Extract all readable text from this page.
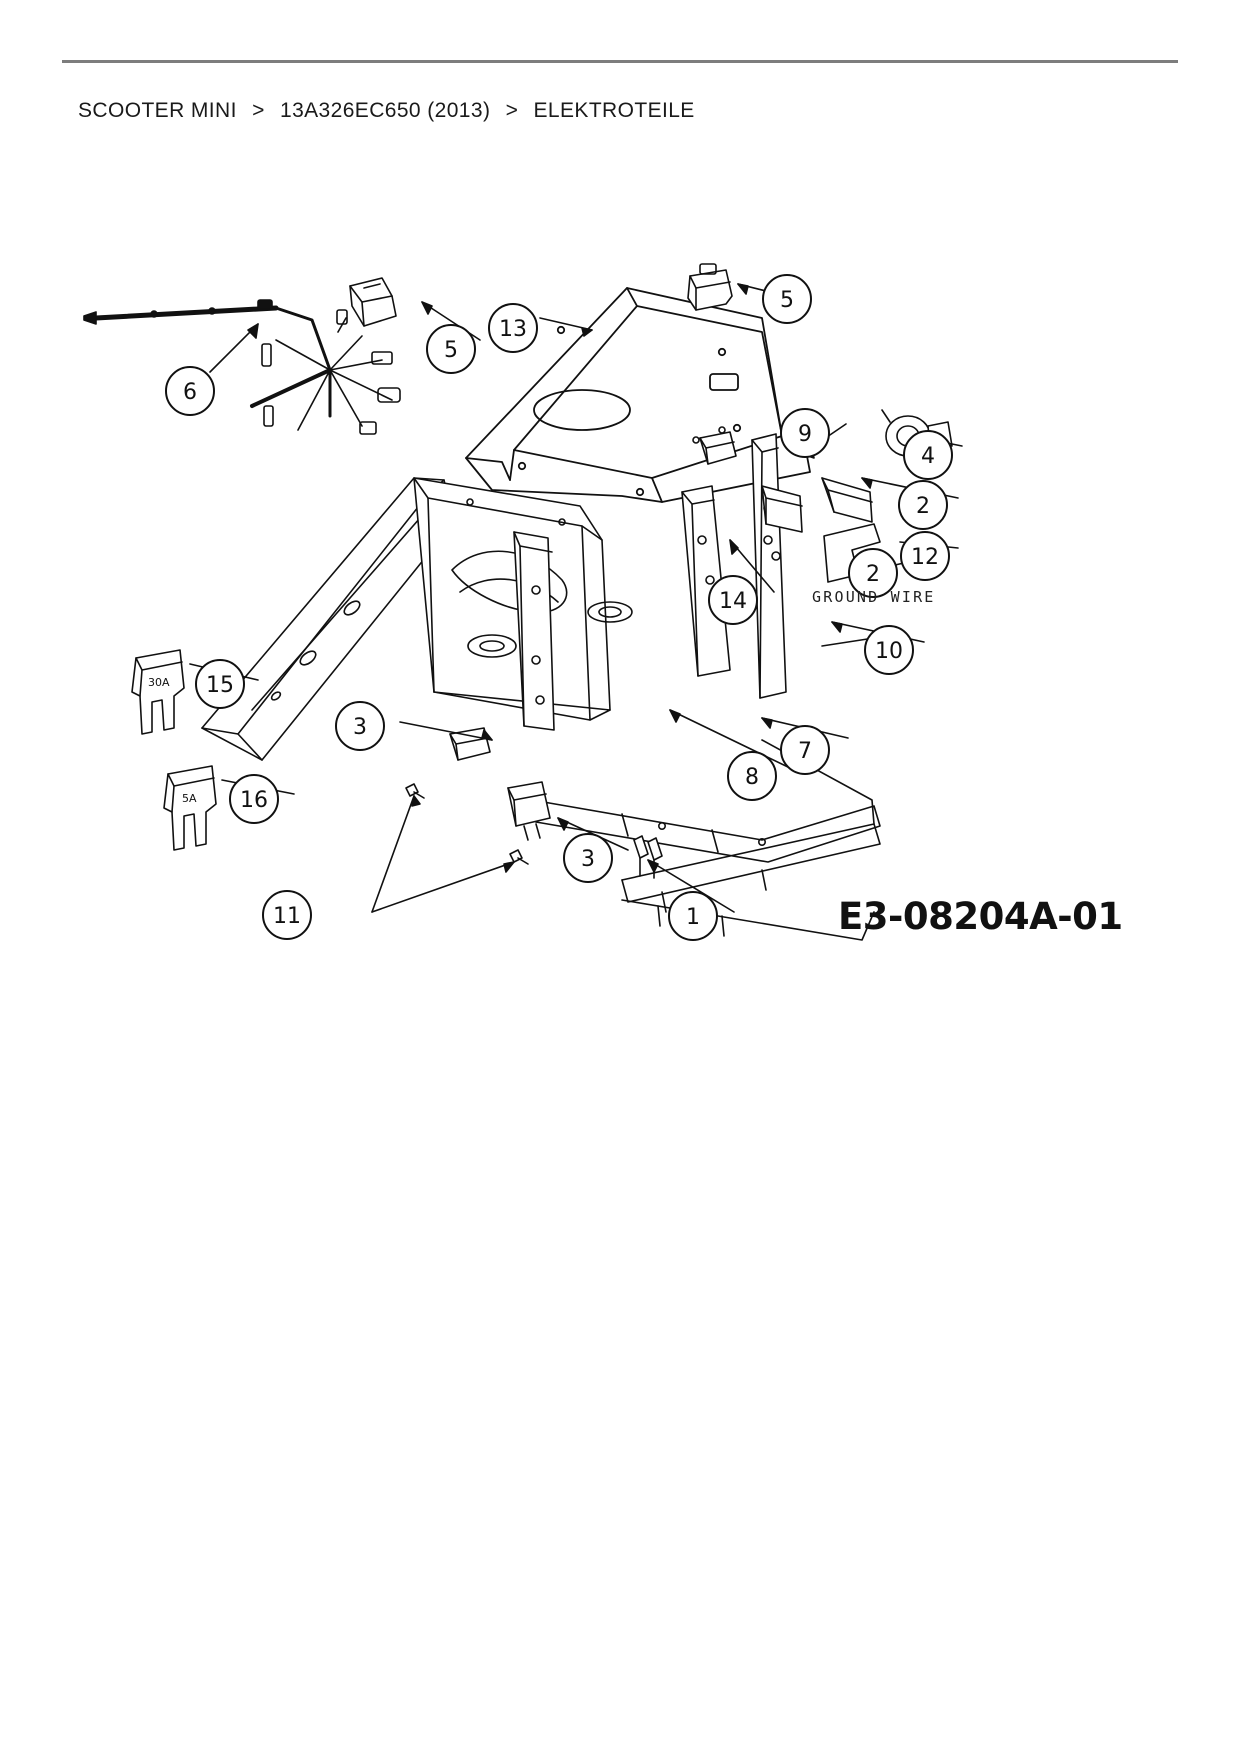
SCOOTER MINI > 13A326EC650 (2013) > ELEKTROTEILE
30A
5A
6
5
13
5
9
4
2
12
2
14
10
15
3
7
8
16
3
11	1
GROUND WIRE
E3-08204A-01
